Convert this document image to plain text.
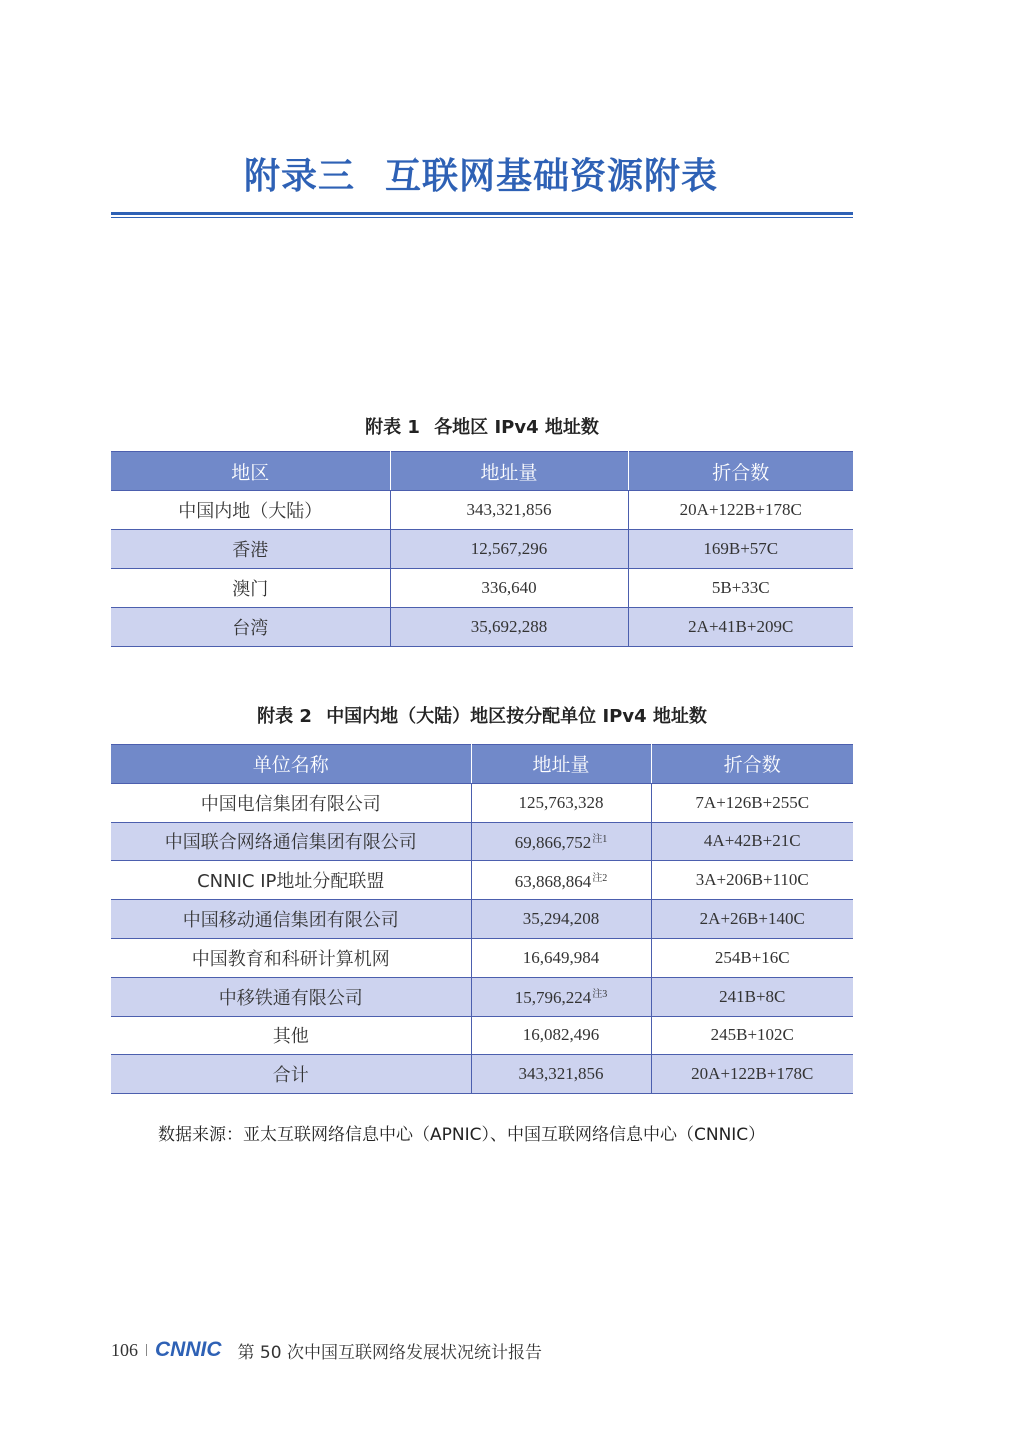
附录三 互联网基础资源附表
附表 1 各地区 IPv4 地址数
地区	地址量	折合数
中国内地（大陆）	343,321,856	20A+122B+178C
香港	12,567,296	169B+57C
澳门	336,640	5B+33C
台湾	35,692,288	2A+41B+209C
附表 2 中国内地（大陆）地区按分配单位 IPv4 地址数
单位名称	地址量	折合数
中国电信集团有限公司	125,763,328	7A+126B+255C
中国联合网络通信集团有限公司	69,866,752$^{注1}$	4A+42B+21C
CNNIC IP地址分配联盟	63,868,864$^{注2}$	3A+206B+110C
中国移动通信集团有限公司	35,294,208	2A+26B+140C
中国教育和科研计算机网	16,649,984	254B+16C
中移铁通有限公司	15,796,224$^{注3}$	241B+8C
其他	16,082,496	245B+102C
合计	343,321,856	20A+122B+178C
数据来源：亚太互联网络信息中心（APNIC）、中国互联网络信息中心（CNNIC）
106 CNNIC 第 50 次中国互联网络发展状况统计报告
